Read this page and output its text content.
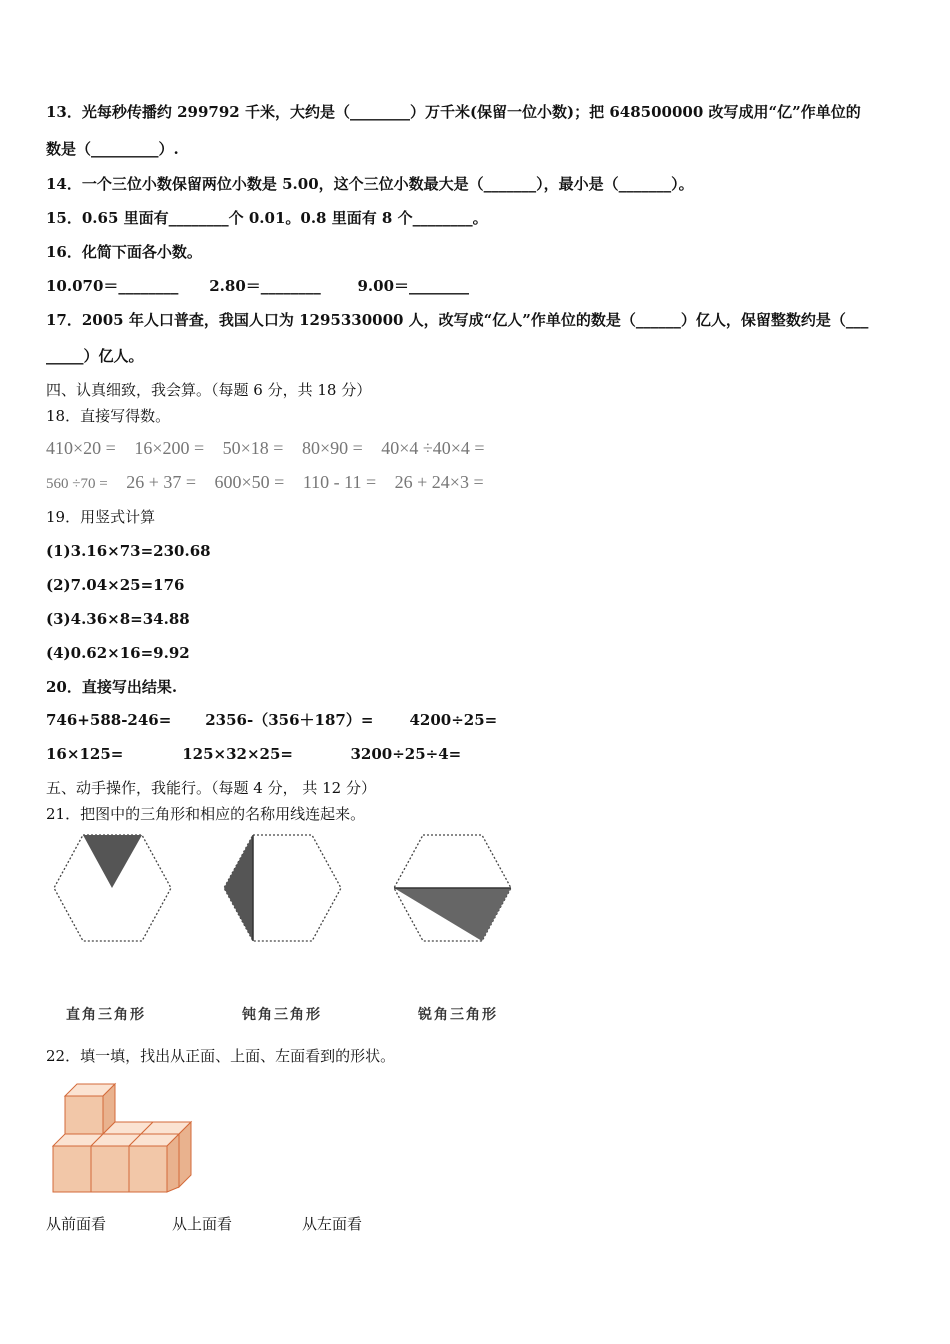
13．光每秒传播约 299792 千米，大约是（________）万千米(保留一位小数)；把 648500000 改写成用“亿”作单位的
数是（_________）.
14．一个三位小数保留两位小数是 5.00，这个三位小数最大是（_______），最小是（_______）。
15．0.65 里面有________个 0.01。0.8 里面有 8 个________。
16．化简下面各小数。
10.070＝________ 2.80＝________ 9.00＝________
17．2005 年人口普查，我国人口为 1295330000 人，改写成“亿人”作单位的数是（______）亿人，保留整数约是（___
_____）亿人。
四、认真细致，我会算。（每题 6 分，共 18 分）
18．直接写得数。
410×20 = 16×200 = 50×18 = 80×90 = 40×4 ÷40×4 =
560 ÷70 = 26 + 37 = 600×50 = 110 - 11 = 26 + 24×3 =
19．用竖式计算
(1)3.16×73=230.68
(2)7.04×25=176
(3)4.36×8=34.88
(4)0.62×16=9.92
20．直接写出结果.
746+588-246= 2356-（356＋187）= 4200÷25=
16×125=	125×32×25=	3200÷25÷4=
五、动手操作，我能行。（每题 4 分， 共 12 分）
21．把图中的三角形和相应的名称用线连起来。
直角三角形	钝角三角形	锐角三角形
22．填一填，找出从正面、上面、左面看到的形状。
从前面看	从上面看	从左面看
